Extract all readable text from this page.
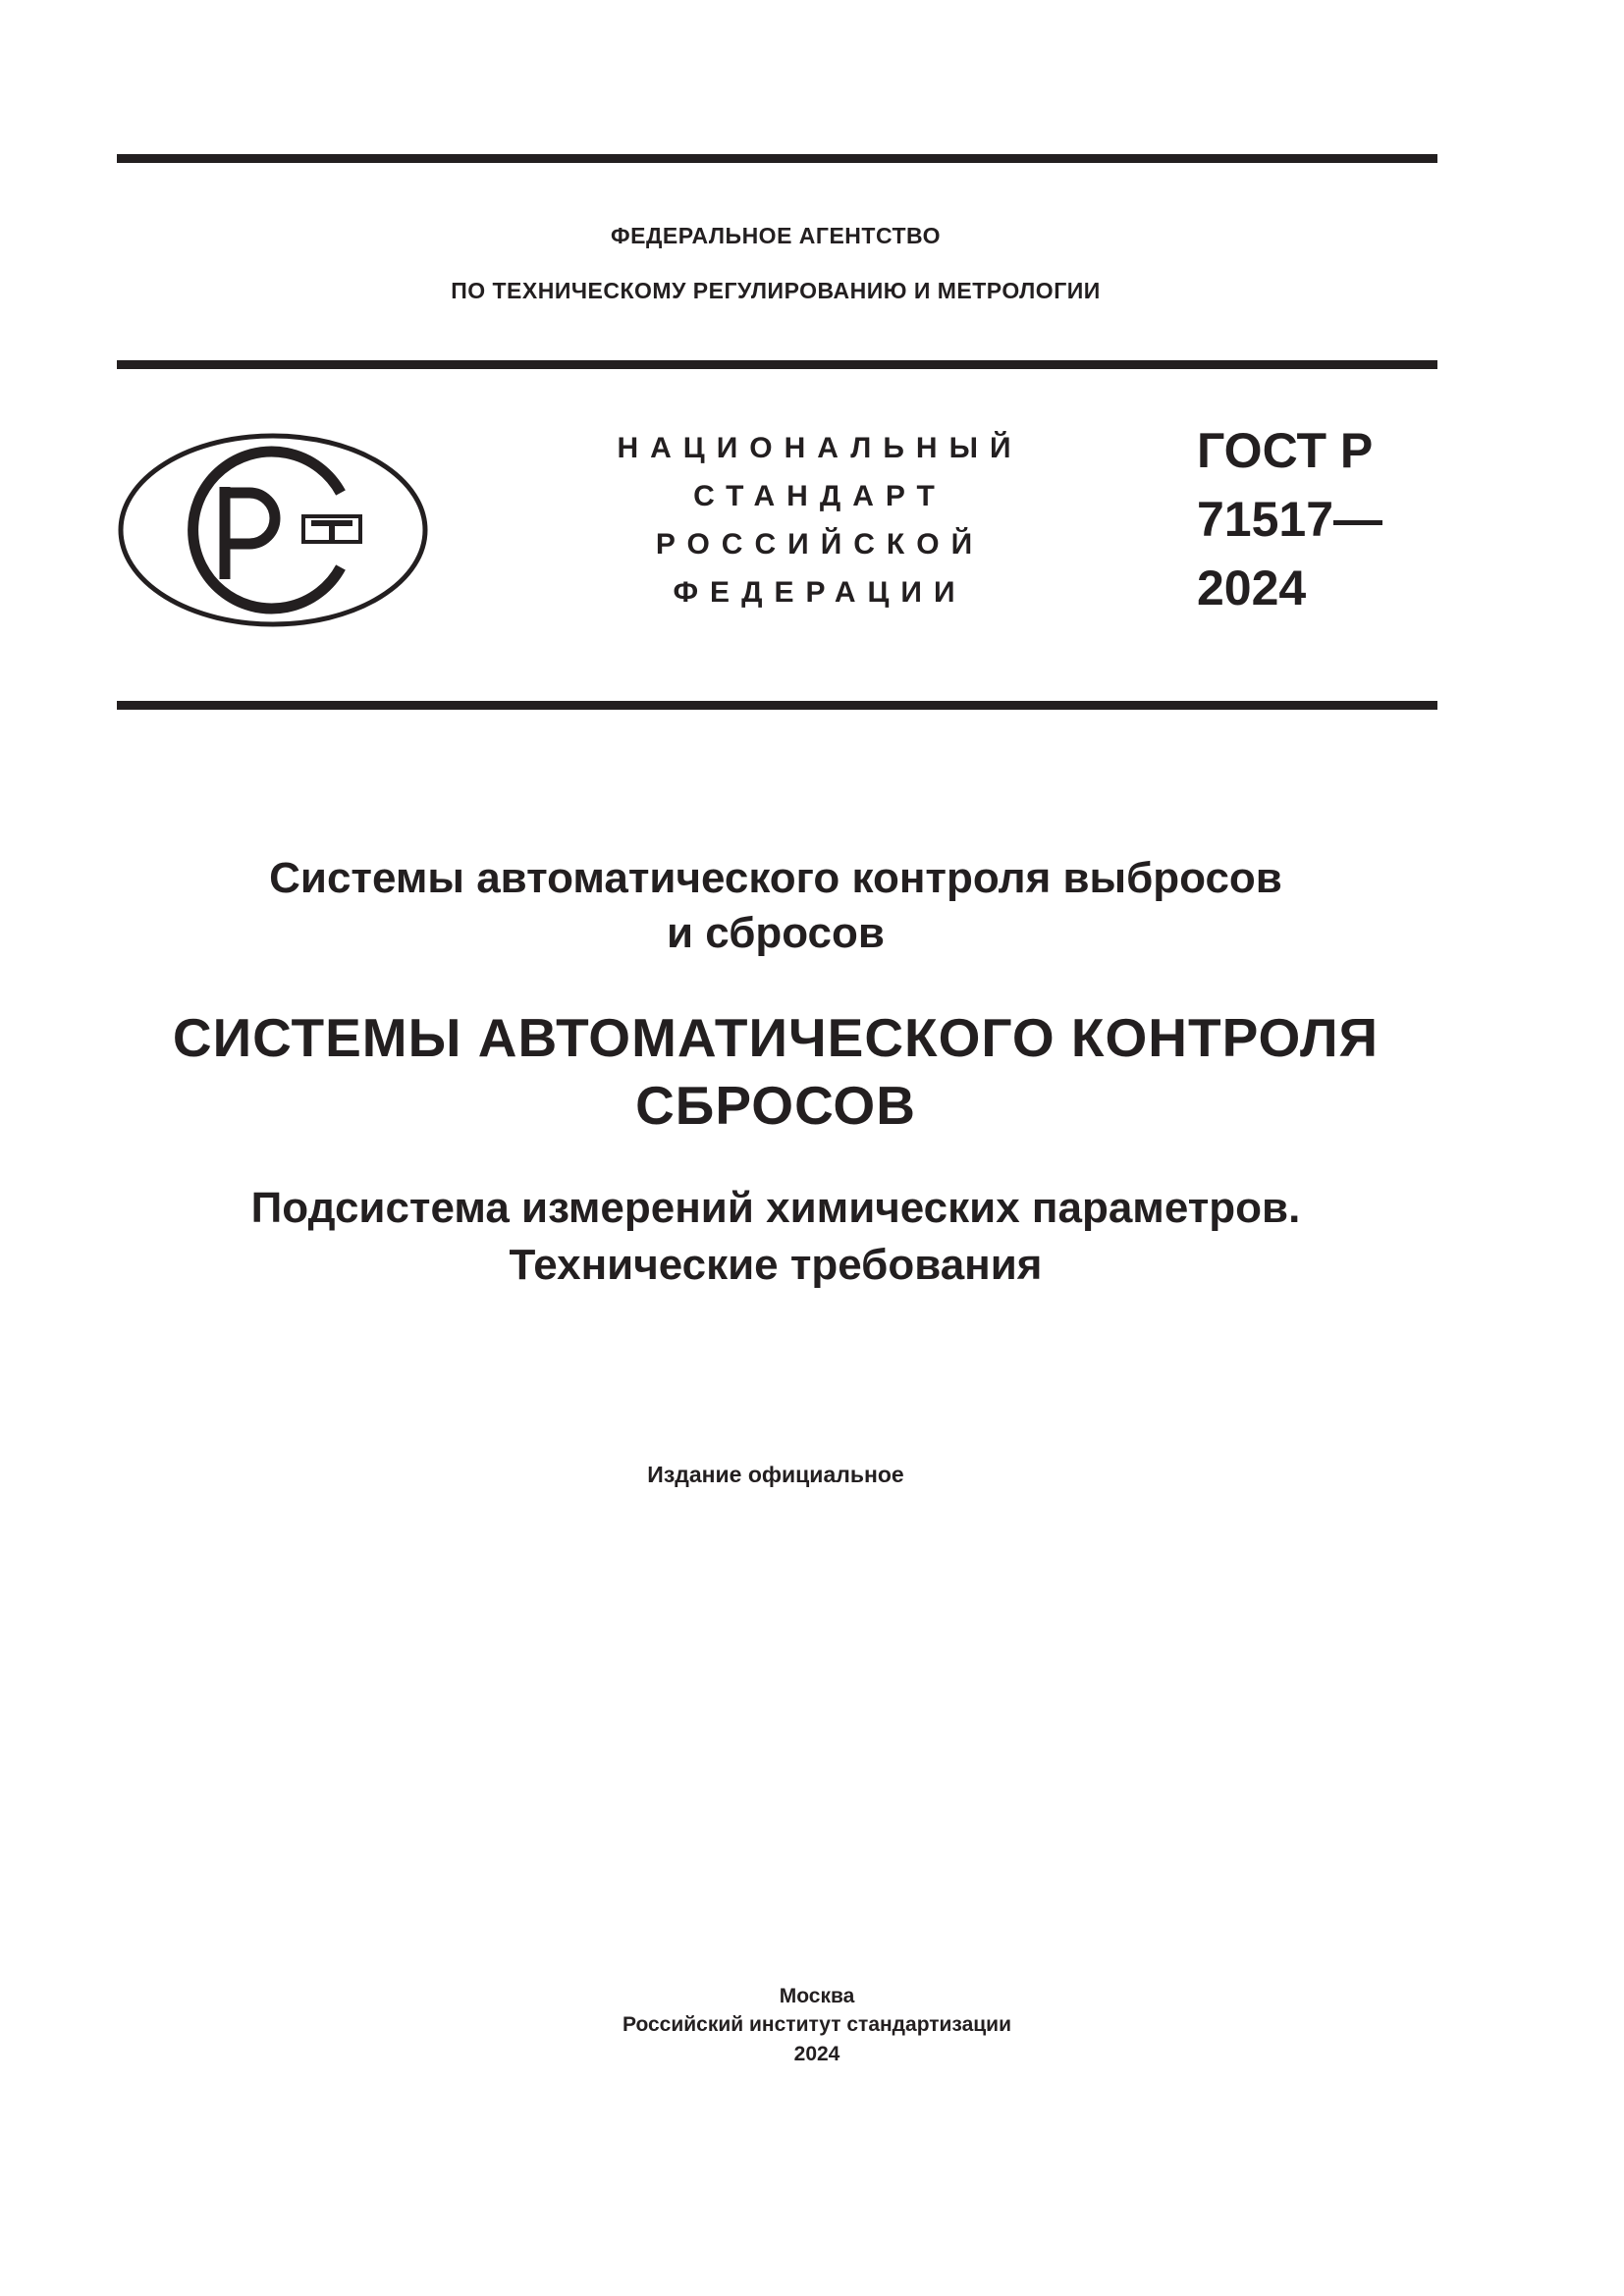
ФЕДЕРАЛЬНОЕ АГЕНТСТВО
ПО ТЕХНИЧЕСКОМУ РЕГУЛИРОВАНИЮ И МЕТРОЛОГИИ
НАЦИОНАЛЬНЫЙ
СТАНДАРТ
РОССИЙСКОЙ
ФЕДЕРАЦИИ
ГОСТ Р
71517—
2024
Системы автоматического контроля выбросов
и сбросов
СИСТЕМЫ АВТОМАТИЧЕСКОГО КОНТРОЛЯ
СБРОСОВ
Подсистема измерений химических параметров.
Технические требования
Издание официальное
Москва
Российский институт стандартизации
2024
